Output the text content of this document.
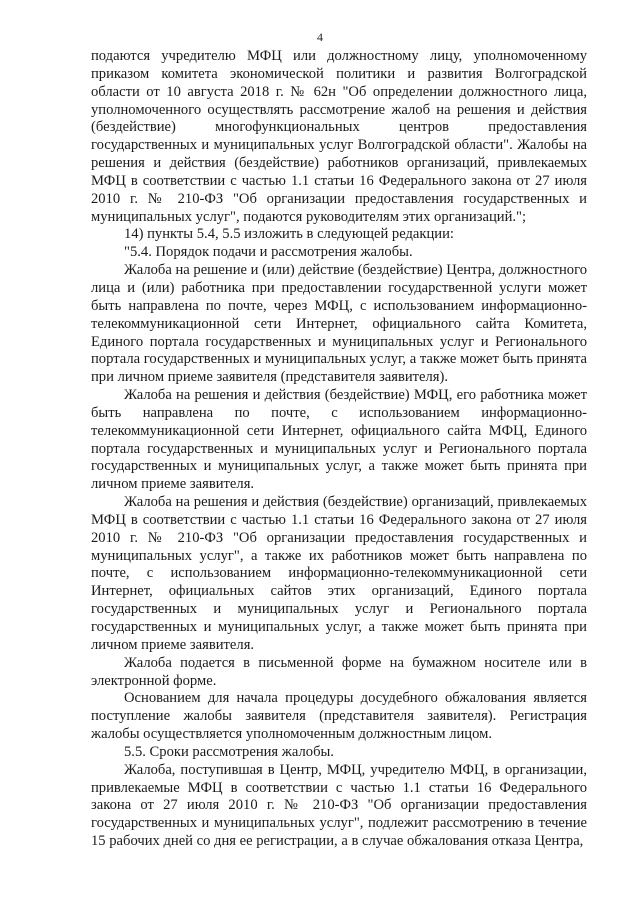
4

подаются учредителю МФЦ или должностному лицу, уполномоченному приказом комитета экономической политики и развития Волгоградской области от 10 августа 2018 г. № 62н "Об определении должностного лица, уполномоченного осуществлять рассмотрение жалоб на решения и действия (бездействие) многофункциональных центров предоставления государственных и муниципальных услуг Волгоградской области". Жалобы на решения и действия (бездействие) работников организаций, привлекаемых МФЦ в соответствии с частью 1.1 статьи 16 Федерального закона от 27 июля 2010 г. № 210-ФЗ "Об организации предоставления государственных и муниципальных услуг", подаются руководителям этих организаций.";

14) пункты 5.4, 5.5 изложить в следующей редакции:

"5.4. Порядок подачи и рассмотрения жалобы.

Жалоба на решение и (или) действие (бездействие) Центра, должностного лица и (или) работника при предоставлении государственной услуги может быть направлена по почте, через МФЦ, с использованием информационно-телекоммуникационной сети Интернет, официального сайта Комитета, Единого портала государственных и муниципальных услуг и Регионального портала государственных и муниципальных услуг, а также может быть принята при личном приеме заявителя (представителя заявителя).

Жалоба на решения и действия (бездействие) МФЦ, его работника может быть направлена по почте, с использованием информационно-телекоммуникационной сети Интернет, официального сайта МФЦ, Единого портала государственных и муниципальных услуг и Регионального портала государственных и муниципальных услуг, а также может быть принята при личном приеме заявителя.

Жалоба на решения и действия (бездействие) организаций, привлекаемых МФЦ в соответствии с частью 1.1 статьи 16 Федерального закона от 27 июля 2010 г. № 210-ФЗ "Об организации предоставления государственных и муниципальных услуг", а также их работников может быть направлена по почте, с использованием информационно-телекоммуникационной сети Интернет, официальных сайтов этих организаций, Единого портала государственных и муниципальных услуг и Регионального портала государственных и муниципальных услуг, а также может быть принята при личном приеме заявителя.

Жалоба подается в письменной форме на бумажном носителе или в электронной форме.

Основанием для начала процедуры досудебного обжалования является поступление жалобы заявителя (представителя заявителя). Регистрация жалобы осуществляется уполномоченным должностным лицом.

5.5. Сроки рассмотрения жалобы.

Жалоба, поступившая в Центр, МФЦ, учредителю МФЦ, в организации, привлекаемые МФЦ в соответствии с частью 1.1 статьи 16 Федерального закона от 27 июля 2010 г. № 210-ФЗ "Об организации предоставления государственных и муниципальных услуг", подлежит рассмотрению в течение 15 рабочих дней со дня ее регистрации, а в случае обжалования отказа Центра,
